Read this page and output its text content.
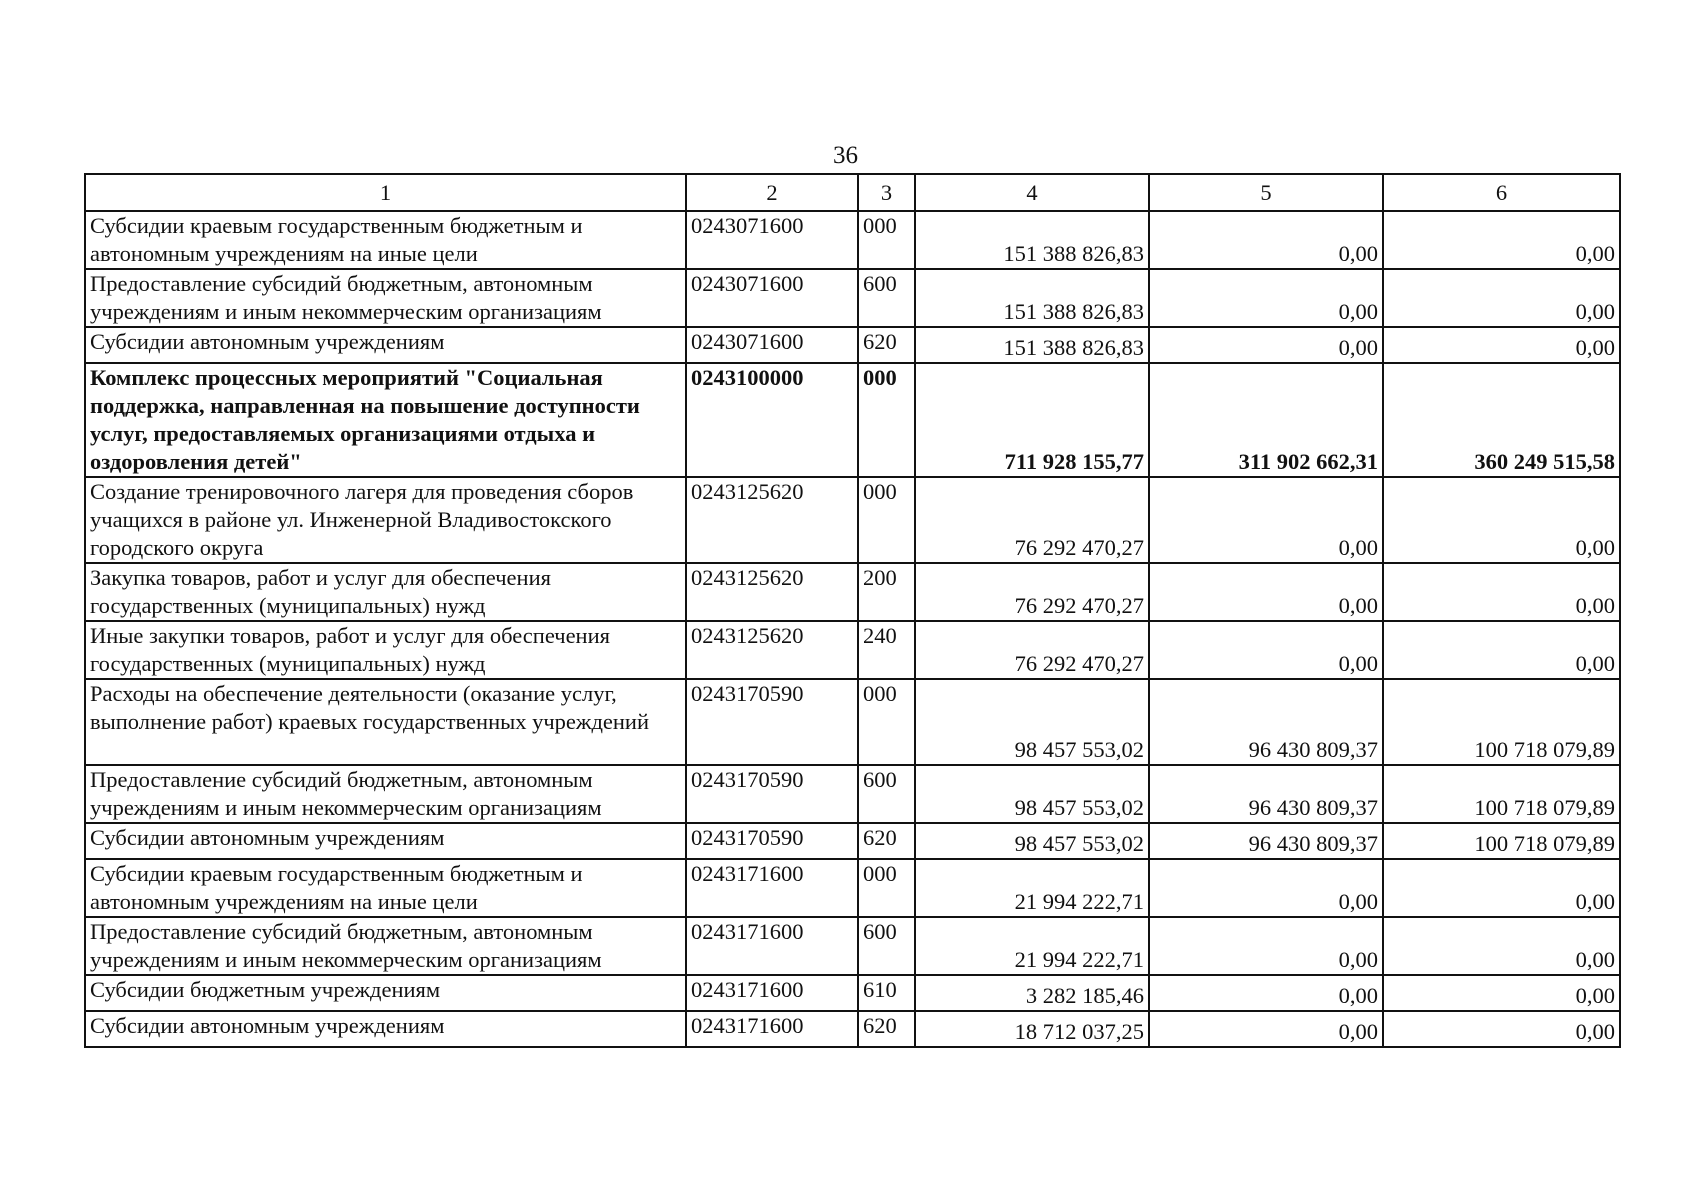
36
1	2	3	4	5	6
Субсидии краевым государственным бюджетным и автономным учреждениям на иные цели	0243071600	000	151 388 826,83	0,00	0,00
Предоставление субсидий бюджетным, автономным учреждениям и иным некоммерческим организациям	0243071600	600	151 388 826,83	0,00	0,00
Субсидии автономным учреждениям	0243071600	620	151 388 826,83	0,00	0,00
Комплекс процессных мероприятий "Социальная поддержка, направленная на повышение доступности услуг, предоставляемых организациями отдыха и оздоровления детей"	0243100000	000	711 928 155,77	311 902 662,31	360 249 515,58
Создание тренировочного лагеря для проведения сборов учащихся в районе ул. Инженерной Владивостокского городского округа	0243125620	000	76 292 470,27	0,00	0,00
Закупка товаров, работ и услуг для обеспечения государственных (муниципальных) нужд	0243125620	200	76 292 470,27	0,00	0,00
Иные закупки товаров, работ и услуг для обеспечения государственных (муниципальных) нужд	0243125620	240	76 292 470,27	0,00	0,00
Расходы на обеспечение деятельности (оказание услуг, выполнение работ) краевых государственных учреждений	0243170590	000	98 457 553,02	96 430 809,37	100 718 079,89
Предоставление субсидий бюджетным, автономным учреждениям и иным некоммерческим организациям	0243170590	600	98 457 553,02	96 430 809,37	100 718 079,89
Субсидии автономным учреждениям	0243170590	620	98 457 553,02	96 430 809,37	100 718 079,89
Субсидии краевым государственным бюджетным и автономным учреждениям на иные цели	0243171600	000	21 994 222,71	0,00	0,00
Предоставление субсидий бюджетным, автономным учреждениям и иным некоммерческим организациям	0243171600	600	21 994 222,71	0,00	0,00
Субсидии бюджетным учреждениям	0243171600	610	3 282 185,46	0,00	0,00
Субсидии автономным учреждениям	0243171600	620	18 712 037,25	0,00	0,00
